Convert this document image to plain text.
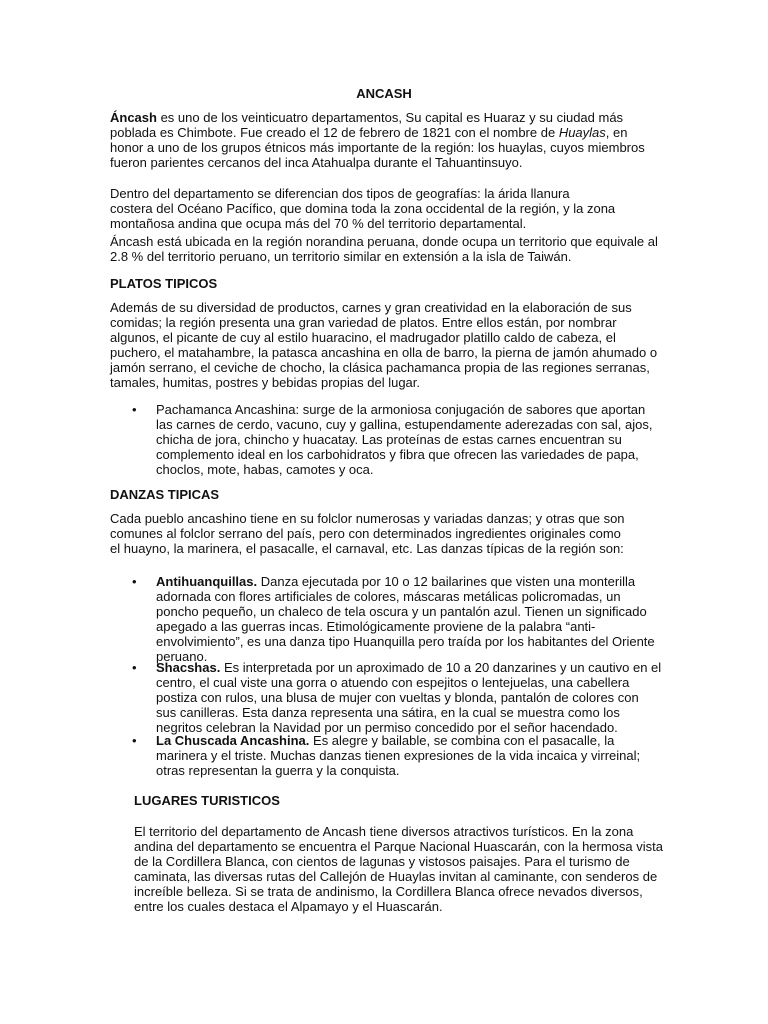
ANCASH
Áncash es uno de los veinticuatro departamentos, Su capital es Huaraz y su ciudad más
poblada es Chimbote. Fue creado el 12 de febrero de 1821 con el nombre de Huaylas, en
honor a uno de los grupos étnicos más importante de la región: los huaylas, cuyos miembros
fueron parientes cercanos del inca Atahualpa durante el Tahuantinsuyo.
Dentro del departamento se diferencian dos tipos de geografías: la árida llanura
costera del Océano Pacífico, que domina toda la zona occidental de la región, y la zona
montañosa andina que ocupa más del 70 % del territorio departamental.
Áncash está ubicada en la región norandina peruana, donde ocupa un territorio que equivale al
2.8 % del territorio peruano, un territorio similar en extensión a la isla de Taiwán.
PLATOS TIPICOS
Además de su diversidad de productos, carnes y gran creatividad en la elaboración de sus
comidas; la región presenta una gran variedad de platos. Entre ellos están, por nombrar
algunos, el picante de cuy al estilo huaracino, el madrugador platillo caldo de cabeza, el
puchero, el matahambre, la patasca ancashina en olla de barro, la pierna de jamón ahumado o
jamón serrano, el ceviche de chocho, la clásica pachamanca propia de las regiones serranas,
tamales, humitas, postres y bebidas propias del lugar.
• Pachamanca Ancashina: surge de la armoniosa conjugación de sabores que aportan
las carnes de cerdo, vacuno, cuy y gallina, estupendamente aderezadas con sal, ajos,
chicha de jora, chincho y huacatay. Las proteínas de estas carnes encuentran su
complemento ideal en los carbohidratos y fibra que ofrecen las variedades de papa,
choclos, mote, habas, camotes y oca.
DANZAS TIPICAS
Cada pueblo ancashino tiene en su folclor numerosas y variadas danzas; y otras que son
comunes al folclor serrano del país, pero con determinados ingredientes originales como
el huayno, la marinera, el pasacalle, el carnaval, etc. Las danzas típicas de la región son:
• Antihuanquillas. Danza ejecutada por 10 o 12 bailarines que visten una monterilla
adornada con flores artificiales de colores, máscaras metálicas policromadas, un
poncho pequeño, un chaleco de tela oscura y un pantalón azul. Tienen un significado
apegado a las guerras incas. Etimológicamente proviene de la palabra “anti-
envolvimiento”, es una danza tipo Huanquilla pero traída por los habitantes del Oriente
peruano.
• Shacshas. Es interpretada por un aproximado de 10 a 20 danzarines y un cautivo en el
centro, el cual viste una gorra o atuendo con espejitos o lentejuelas, una cabellera
postiza con rulos, una blusa de mujer con vueltas y blonda, pantalón de colores con
sus canilleras. Esta danza representa una sátira, en la cual se muestra como los
negritos celebran la Navidad por un permiso concedido por el señor hacendado.
• La Chuscada Ancashina. Es alegre y bailable, se combina con el pasacalle, la
marinera y el triste. Muchas danzas tienen expresiones de la vida incaica y virreinal;
otras representan la guerra y la conquista.
LUGARES TURISTICOS
El territorio del departamento de Ancash tiene diversos atractivos turísticos. En la zona
andina del departamento se encuentra el Parque Nacional Huascarán, con la hermosa vista
de la Cordillera Blanca, con cientos de lagunas y vistosos paisajes. Para el turismo de
caminata, las diversas rutas del Callejón de Huaylas invitan al caminante, con senderos de
increíble belleza. Si se trata de andinismo, la Cordillera Blanca ofrece nevados diversos,
entre los cuales destaca el Alpamayo y el Huascarán.
